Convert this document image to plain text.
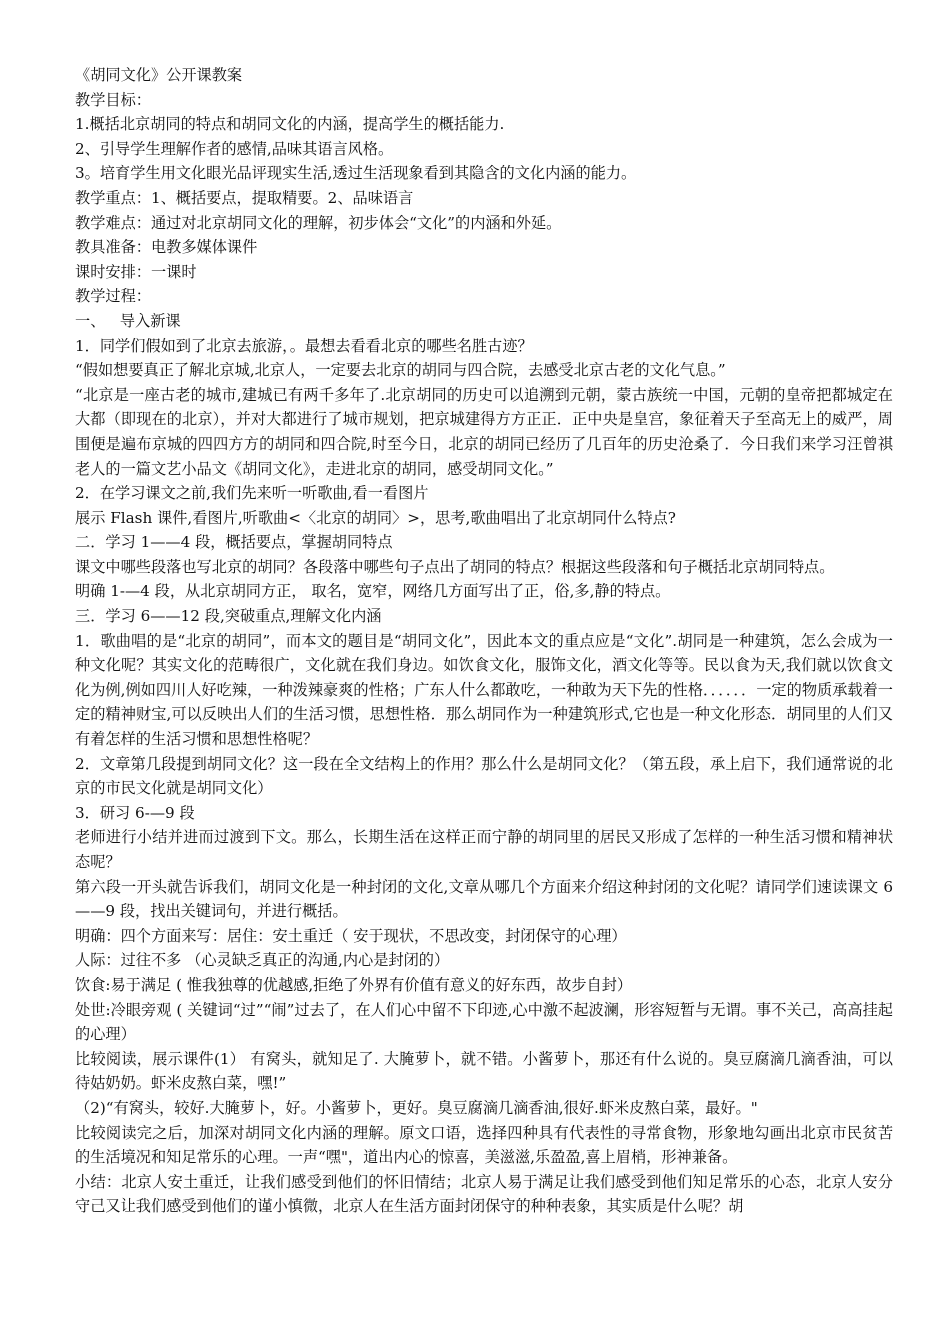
《胡同文化》公开课教案

教学目标：

1.概括北京胡同的特点和胡同文化的内涵，提高学生的概括能力.

2、引导学生理解作者的感情,品味其语言风格。

3。培育学生用文化眼光品评现实生活,透过生活现象看到其隐含的文化内涵的能力。

教学重点：1、概括要点，提取精要。2、品味语言

教学难点：通过对北京胡同文化的理解，初步体会“文化”的内涵和外延。

教具准备：电教多媒体课件

课时安排：一课时

教学过程：

一、   导入新课

1．同学们假如到了北京去旅游，。最想去看看北京的哪些名胜古迹？

“假如想要真正了解北京城,北京人，一定要去北京的胡同与四合院，去感受北京古老的文化气息。”

“北京是一座古老的城市,建城已有两千多年了.北京胡同的历史可以追溯到元朝，蒙古族统一中国，元朝的皇帝把都城定在大都（即现在的北京），并对大都进行了城市规划，把京城建得方方正正．正中央是皇宫，象征着天子至高无上的威严，周围便是遍布京城的四四方方的胡同和四合院,时至今日，北京的胡同已经历了几百年的历史沧桑了．今日我们来学习汪曾祺老人的一篇文艺小品文《胡同文化》，走进北京的胡同，感受胡同文化。”

2．在学习课文之前,我们先来听一听歌曲,看一看图片

展示 Flash 课件,看图片,听歌曲<〈北京的胡同〉>，思考,歌曲唱出了北京胡同什么特点?

二．学习 1——4 段，概括要点，掌握胡同特点

课文中哪些段落也写北京的胡同？各段落中哪些句子点出了胡同的特点？根据这些段落和句子概括北京胡同特点。

明确 1-—4 段，从北京胡同方正， 取名，宽窄，网络几方面写出了正，俗,多,静的特点。

三．学习 6——12 段,突破重点,理解文化内涵

1．歌曲唱的是“北京的胡同”，而本文的题目是“胡同文化”，因此本文的重点应是“文化”.胡同是一种建筑，怎么会成为一种文化呢？其实文化的范畴很广，文化就在我们身边。如饮食文化，服饰文化，酒文化等等。民以食为天,我们就以饮食文化为例,例如四川人好吃辣，一种泼辣豪爽的性格；广东人什么都敢吃，一种敢为天下先的性格．．．．．．一定的物质承载着一定的精神财宝,可以反映出人们的生活习惯，思想性格．那么胡同作为一种建筑形式,它也是一种文化形态．胡同里的人们又有着怎样的生活习惯和思想性格呢？

2．文章第几段提到胡同文化？这一段在全文结构上的作用？那么什么是胡同文化？（第五段，承上启下，我们通常说的北京的市民文化就是胡同文化）

3．研习 6-—9 段

老师进行小结并进而过渡到下文。那么，长期生活在这样正而宁静的胡同里的居民又形成了怎样的一种生活习惯和精神状态呢？

第六段一开头就告诉我们，胡同文化是一种封闭的文化,文章从哪几个方面来介绍这种封闭的文化呢？请同学们速读课文 6——9 段，找出关键词句，并进行概括。

明确：四个方面来写：居住：安土重迁（ 安于现状，不思改变，封闭保守的心理）

人际：过往不多 （心灵缺乏真正的沟通,内心是封闭的）

饮食:易于满足 ( 惟我独尊的优越感,拒绝了外界有价值有意义的好东西，故步自封）

处世:冷眼旁观 ( 关键词“过”“闹”过去了，在人们心中留不下印迹,心中激不起波澜，形容短暂与无谓。事不关己，高高挂起的心理）

比较阅读，展示课件(1） 有窝头，就知足了. 大腌萝卜，就不错。小酱萝卜，那还有什么说的。臭豆腐滴几滴香油，可以待姑奶奶。虾米皮熬白菜，嘿!”

（2)“有窝头，较好.大腌萝卜，好。小酱萝卜，更好。臭豆腐滴几滴香油,很好.虾米皮熬白菜，最好。"

比较阅读完之后，加深对胡同文化内涵的理解。原文口语，选择四种具有代表性的寻常食物，形象地勾画出北京市民贫苦的生活境况和知足常乐的心理。一声“嘿"，道出内心的惊喜，美滋滋,乐盈盈,喜上眉梢，形神兼备。

小结：北京人安土重迁，让我们感受到他们的怀旧情结；北京人易于满足让我们感受到他们知足常乐的心态，北京人安分守己又让我们感受到他们的谨小慎微，北京人在生活方面封闭保守的种种表象，其实质是什么呢？胡
